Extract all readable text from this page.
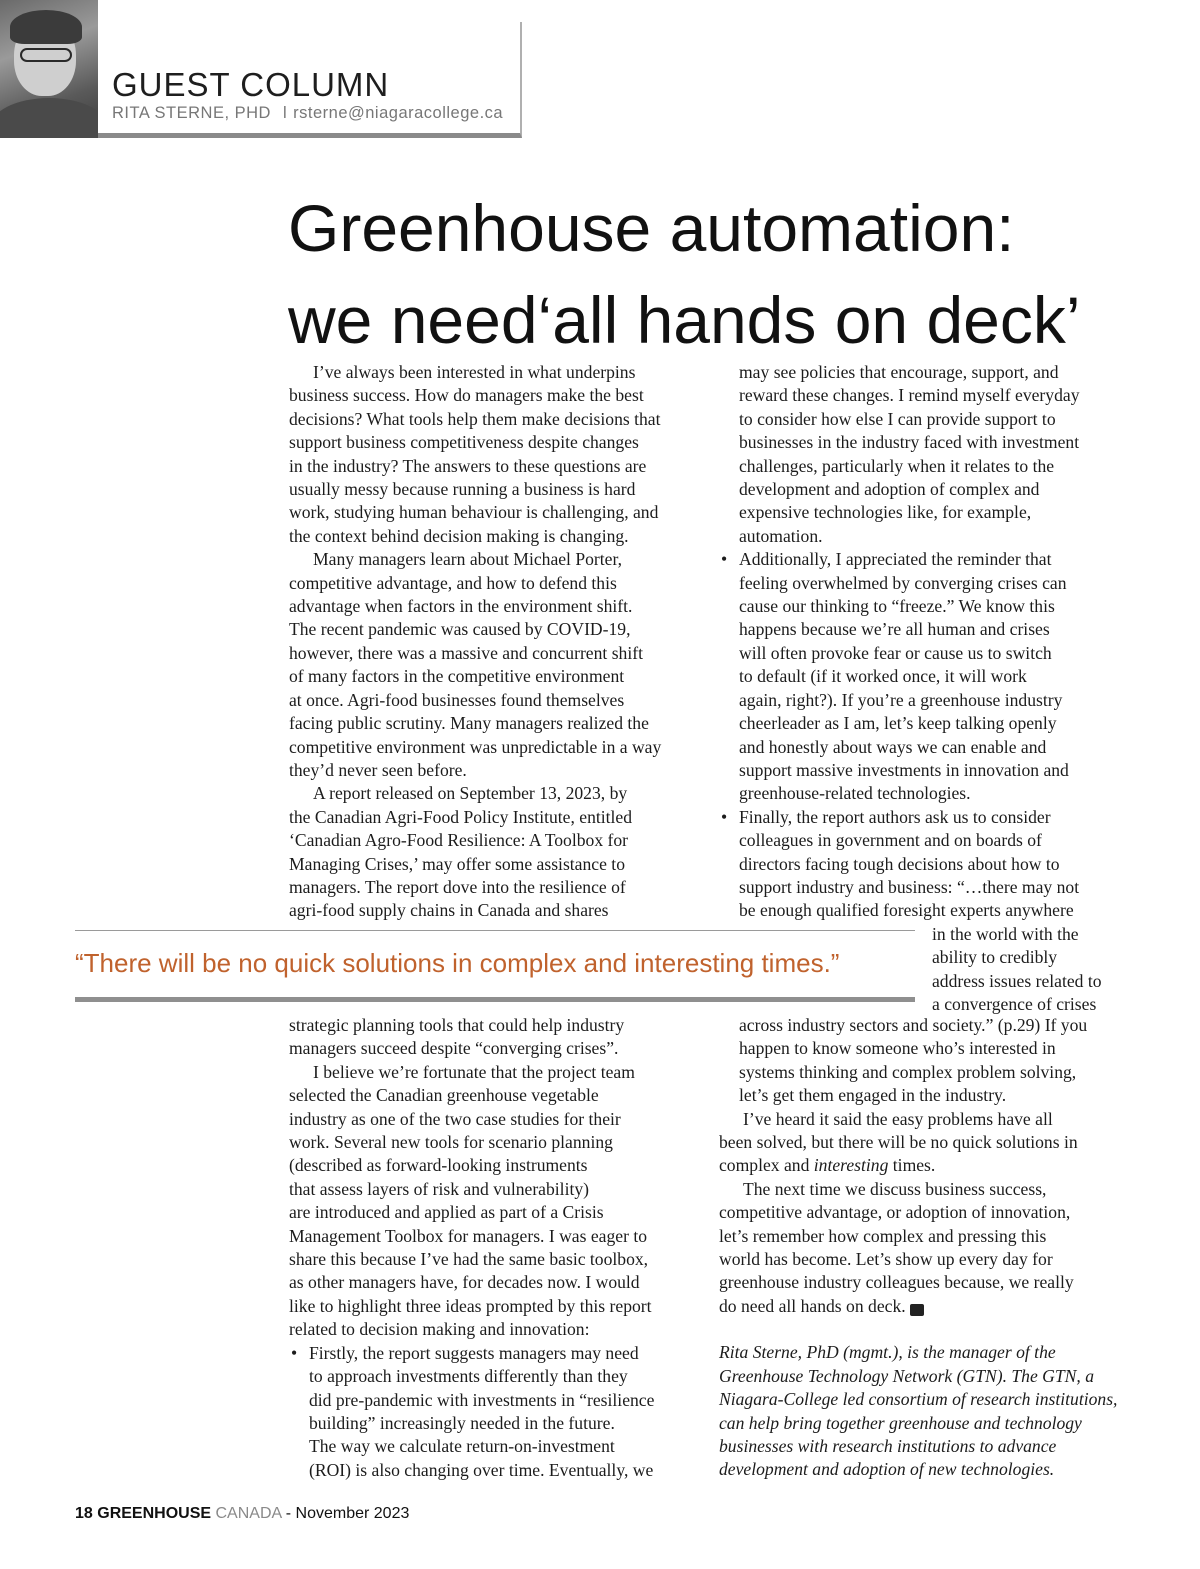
GUEST COLUMN
RITA STERNE, PHD l rsterne@niagaracollege.ca
Greenhouse automation:
we need‘all hands on deck’

I’ve always been interested in what underpins
business success. How do managers make the best
decisions? What tools help them make decisions that
support business competitiveness despite changes
in the industry? The answers to these questions are
usually messy because running a business is hard
work, studying human behaviour is challenging, and
the context behind decision making is changing.

Many managers learn about Michael Porter,
competitive advantage, and how to defend this
advantage when factors in the environment shift.
The recent pandemic was caused by COVID-19,
however, there was a massive and concurrent shift
of many factors in the competitive environment
at once. Agri-food businesses found themselves
facing public scrutiny. Many managers realized the
competitive environment was unpredictable in a way
they’d never seen before.

A report released on September 13, 2023, by
the Canadian Agri-Food Policy Institute, entitled
‘Canadian Agro-Food Resilience: A Toolbox for
Managing Crises,’ may offer some assistance to
managers. The report dove into the resilience of
agri-food supply chains in Canada and shares

strategic planning tools that could help industry
managers succeed despite “converging crises”.

I believe we’re fortunate that the project team
selected the Canadian greenhouse vegetable
industry as one of the two case studies for their
work. Several new tools for scenario planning
(described as forward-looking instruments
that assess layers of risk and vulnerability)
are introduced and applied as part of a Crisis
Management Toolbox for managers. I was eager to
share this because I’ve had the same basic toolbox,
as other managers have, for decades now. I would
like to highlight three ideas prompted by this report
related to decision making and innovation:

• Firstly, the report suggests managers may need
to approach investments differently than they
did pre-pandemic with investments in “resilience
building” increasingly needed in the future.
The way we calculate return-on-investment
(ROI) is also changing over time. Eventually, we

may see policies that encourage, support, and
reward these changes. I remind myself everyday
to consider how else I can provide support to
businesses in the industry faced with investment
challenges, particularly when it relates to the
development and adoption of complex and
expensive technologies like, for example,
automation.

• Additionally, I appreciated the reminder that
feeling overwhelmed by converging crises can
cause our thinking to “freeze.” We know this
happens because we’re all human and crises
will often provoke fear or cause us to switch
to default (if it worked once, it will work
again, right?). If you’re a greenhouse industry
cheerleader as I am, let’s keep talking openly
and honestly about ways we can enable and
support massive investments in innovation and
greenhouse-related technologies.

• Finally, the report authors ask us to consider
colleagues in government and on boards of
directors facing tough decisions about how to
support industry and business: “…there may not
be enough qualified foresight experts anywhere

in the world with the
ability to credibly
address issues related to
a convergence of crises

across industry sectors and society.” (p.29) If you
happen to know someone who’s interested in
systems thinking and complex problem solving,
let’s get them engaged in the industry.

I’ve heard it said the easy problems have all
been solved, but there will be no quick solutions in
complex and interesting times.

The next time we discuss business success,
competitive advantage, or adoption of innovation,
let’s remember how complex and pressing this
world has become. Let’s show up every day for
greenhouse industry colleagues because, we really
do need all hands on deck.	GC

Rita Sterne, PhD (mgmt.), is the manager of the
Greenhouse Technology Network (GTN). The GTN, a
Niagara-College led consortium of research institutions,
can help bring together greenhouse and technology
businesses with research institutions to advance
development and adoption of new technologies.

“There will be no quick solutions in complex and interesting times.”
18 GREENHOUSE CANADA - November 2023
